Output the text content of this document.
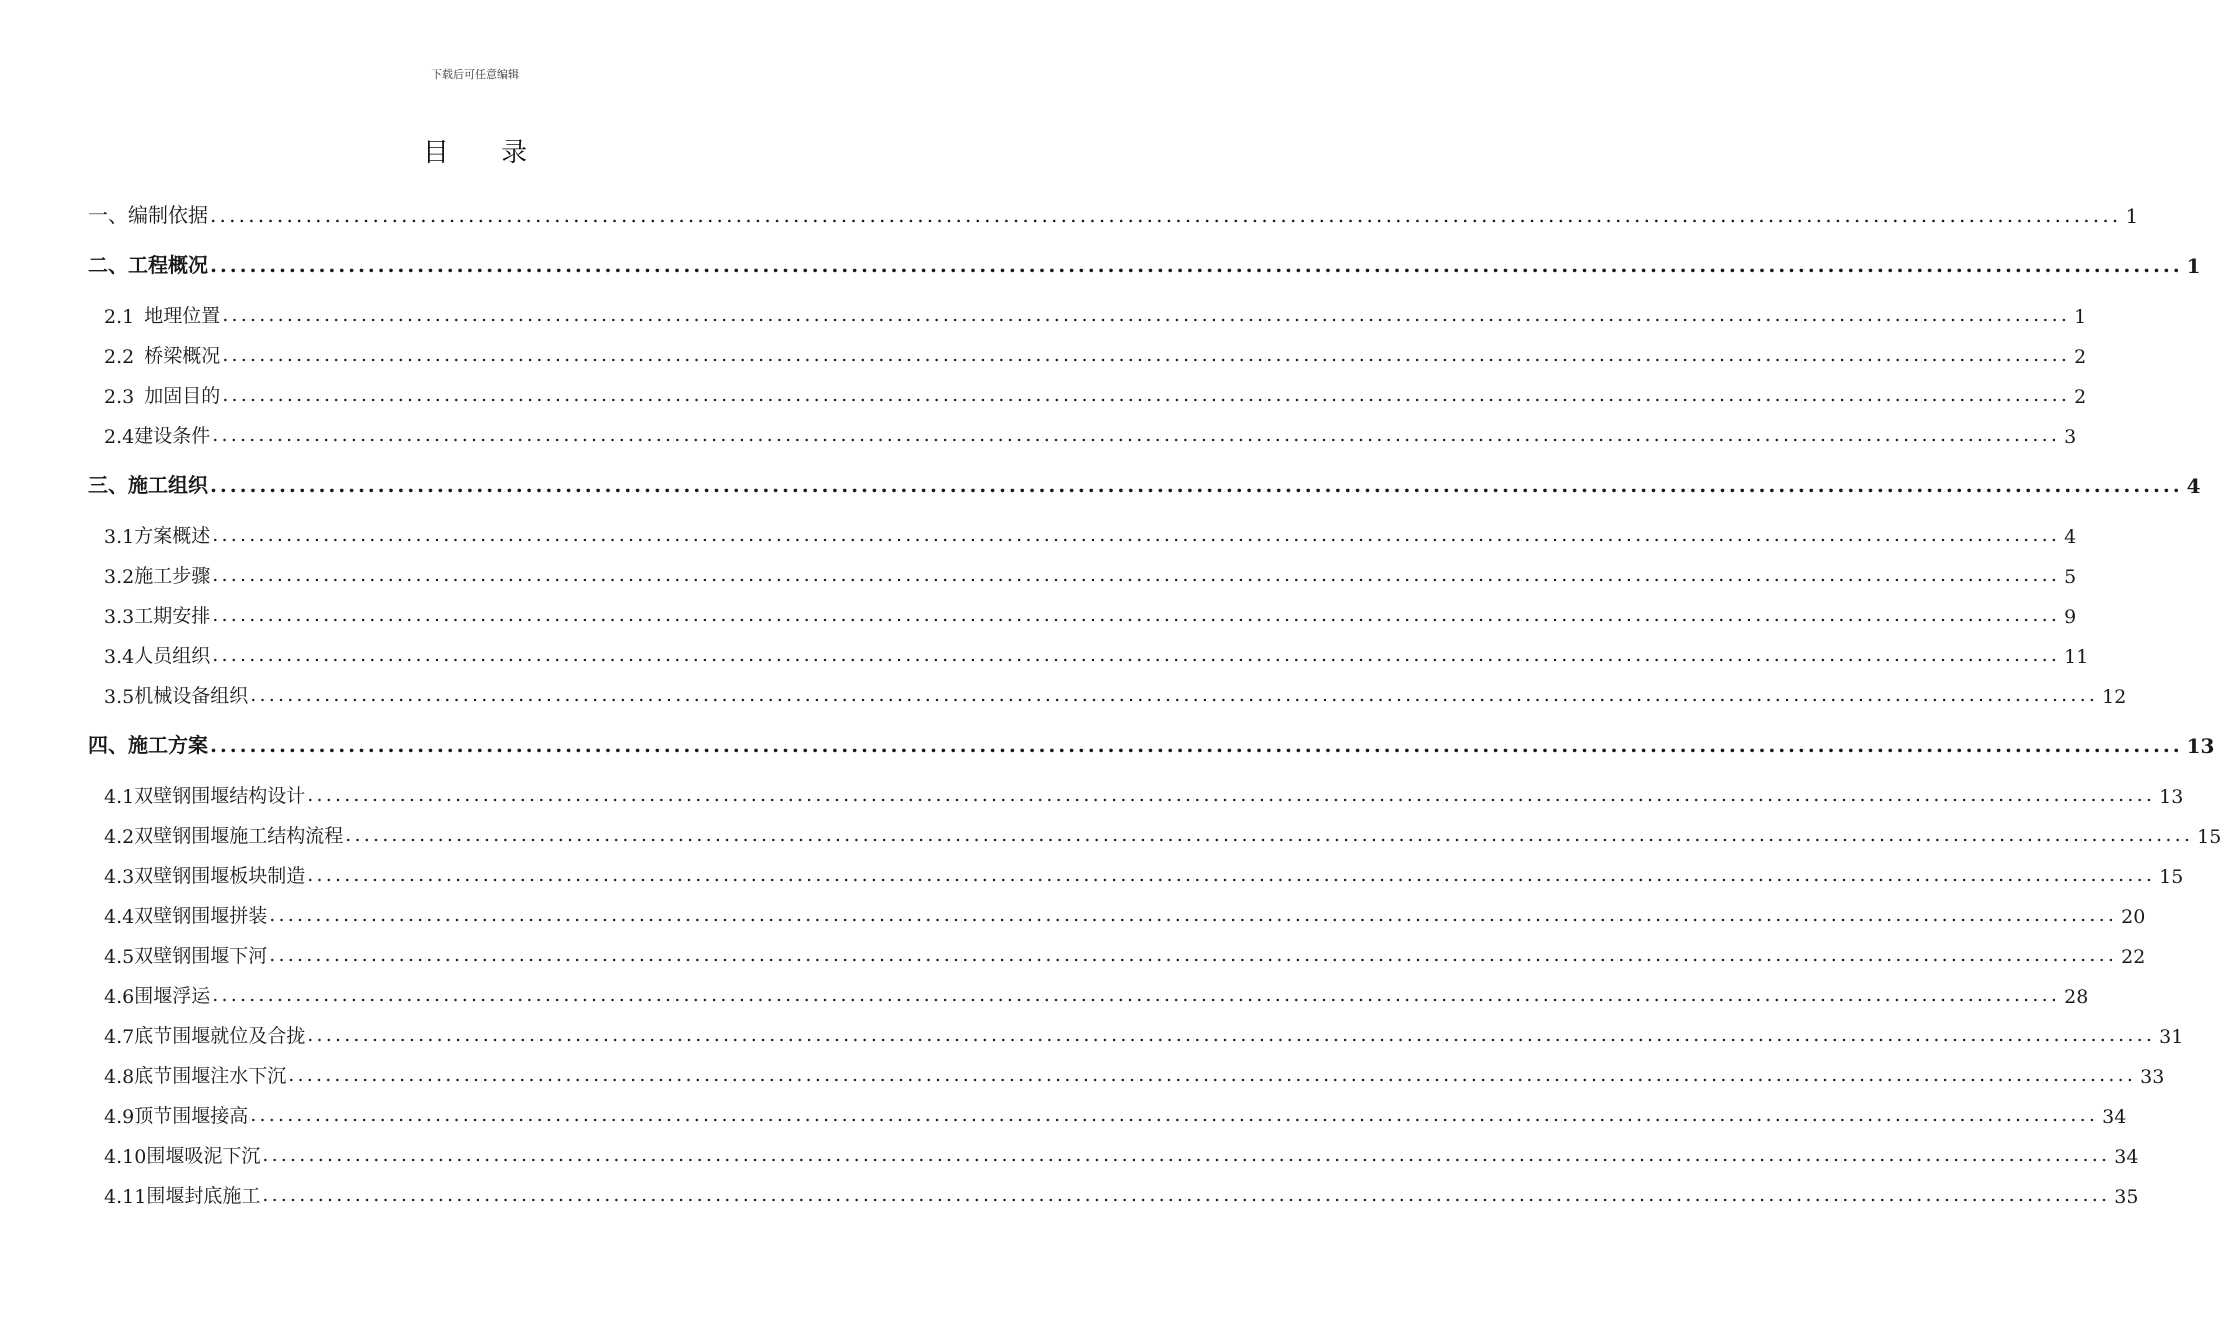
下载后可任意编辑
目 录
一、 编制依据 ........................................................................................................................................................................................................ 1
二、 工程概况 ........................................................................................................................................................................................................ 1
2.1 地理位置 ........................................................................................................................................................................................................ 1
2.2 桥梁概况 ........................................................................................................................................................................................................ 2
2.3 加固目的 ........................................................................................................................................................................................................ 2
2.4 建设条件 ........................................................................................................................................................................................................ 3
三、 施工组织 ........................................................................................................................................................................................................ 4
3.1 方案概述 ........................................................................................................................................................................................................ 4
3.2 施工步骤 ........................................................................................................................................................................................................ 5
3.3 工期安排 ........................................................................................................................................................................................................ 9
3.4 人员组织 ........................................................................................................................................................................................................ 11
3.5 机械设备组织 ........................................................................................................................................................................................................ 12
四、 施工方案 ........................................................................................................................................................................................................ 13
4.1 双壁钢围堰结构设计 ........................................................................................................................................................................................................ 13
4.2 双壁钢围堰施工结构流程 ........................................................................................................................................................................................................ 15
4.3 双壁钢围堰板块制造 ........................................................................................................................................................................................................ 15
4.4 双壁钢围堰拼装 ........................................................................................................................................................................................................ 20
4.5 双壁钢围堰下河 ........................................................................................................................................................................................................ 22
4.6 围堰浮运 ........................................................................................................................................................................................................ 28
4.7 底节围堰就位及合拢 ........................................................................................................................................................................................................ 31
4.8 底节围堰注水下沉 ........................................................................................................................................................................................................ 33
4.9 顶节围堰接高 ........................................................................................................................................................................................................ 34
4.10 围堰吸泥下沉 ........................................................................................................................................................................................................ 34
4.11 围堰封底施工 ........................................................................................................................................................................................................ 35
